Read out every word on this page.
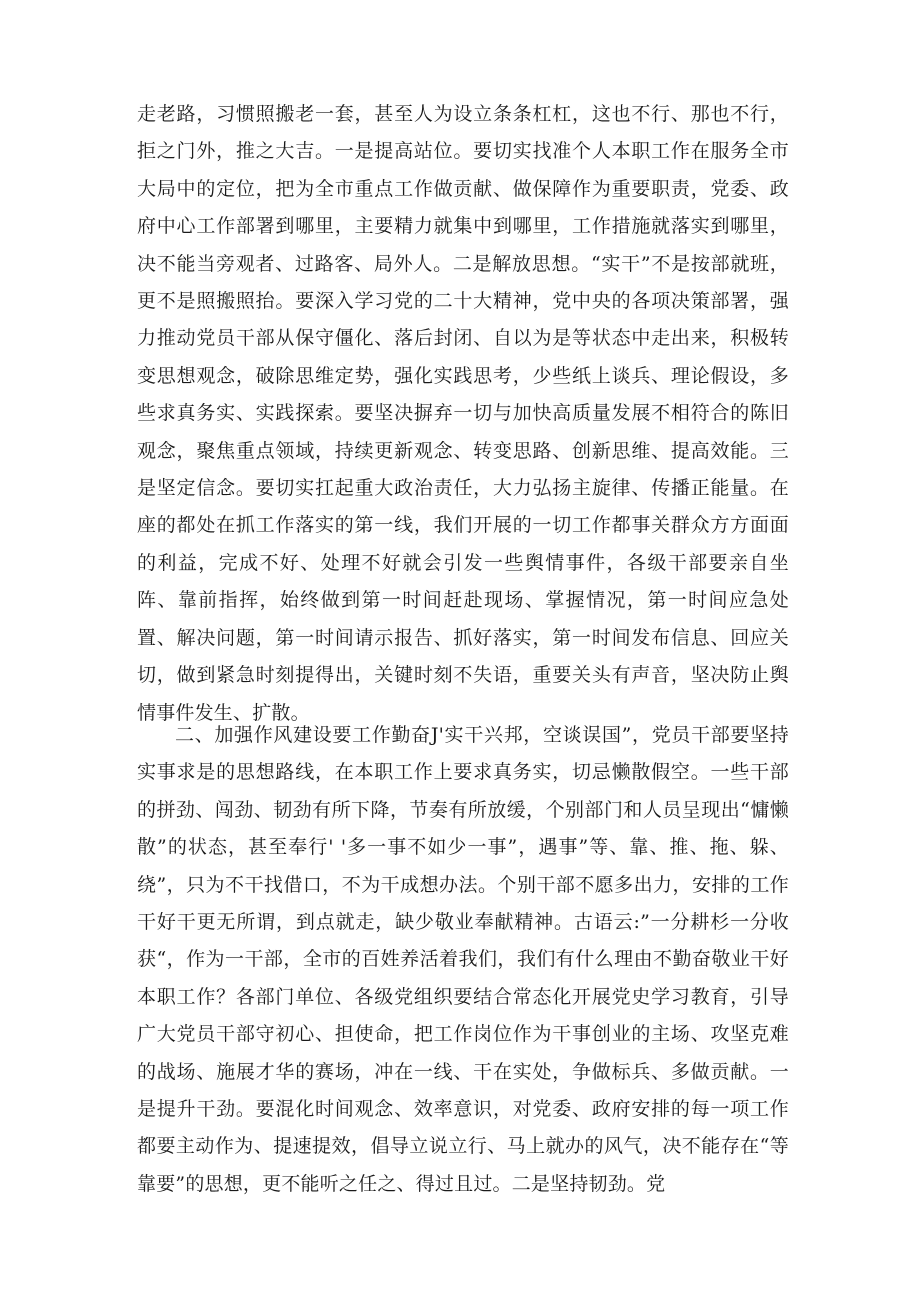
走老路，习惯照搬老一套，甚至人为设立条条杠杠，这也不行、那也不行，拒之门外，推之大吉。一是提高站位。要切实找准个人本职工作在服务全市大局中的定位，把为全市重点工作做贡献、做保障作为重要职责，党委、政府中心工作部署到哪里，主要精力就集中到哪里，工作措施就落实到哪里，决不能当旁观者、过路客、局外人。二是解放思想。“实干”不是按部就班，更不是照搬照抬。要深入学习党的二十大精神，党中央的各项决策部署，强力推动党员干部从保守僵化、落后封闭、自以为是等状态中走出来，积极转变思想观念，破除思维定势，强化实践思考，少些纸上谈兵、理论假设，多些求真务实、实践探索。要坚决摒弃一切与加快高质量发展不相符合的陈旧观念，聚焦重点领域，持续更新观念、转变思路、创新思维、提高效能。三是坚定信念。要切实扛起重大政治责任，大力弘扬主旋律、传播正能量。在座的都处在抓工作落实的第一线，我们开展的一切工作都事关群众方方面面的利益，完成不好、处理不好就会引发一些舆情事件，各级干部要亲自坐阵、靠前指挥，始终做到第一时间赶赴现场、掌握情况，第一时间应急处置、解决问题，第一时间请示报告、抓好落实，第一时间发布信息、回应关切，做到紧急时刻提得出，关键时刻不失语，重要关头有声音，坚决防止舆情事件发生、扩散。

二、加强作风建设要工作勤奋J'实干兴邦，空谈误国”，党员干部要坚持实事求是的思想路线，在本职工作上要求真务实，切忌懒散假空。一些干部的拼劲、闯劲、韧劲有所下降，节奏有所放缓，个别部门和人员呈现出“慵懒散”的状态，甚至奉行' '多一事不如少一事”，遇事”等、靠、推、拖、躲、绕”，只为不干找借口，不为干成想办法。个别干部不愿多出力，安排的工作干好干更无所谓，到点就走，缺少敬业奉献精神。古语云:”一分耕杉一分收获“，作为一干部，全市的百姓养活着我们，我们有什么理由不勤奋敬业干好本职工作？各部门单位、各级党组织要结合常态化开展党史学习教育，引导广大党员干部守初心、担使命，把工作岗位作为干事创业的主场、攻坚克难的战场、施展才华的赛场，冲在一线、干在实处，争做标兵、多做贡献。一是提升干劲。要混化时间观念、效率意识，对党委、政府安排的每一项工作都要主动作为、提速提效，倡导立说立行、马上就办的风气，决不能存在“等靠要”的思想，更不能听之任之、得过且过。二是坚持韧劲。党
